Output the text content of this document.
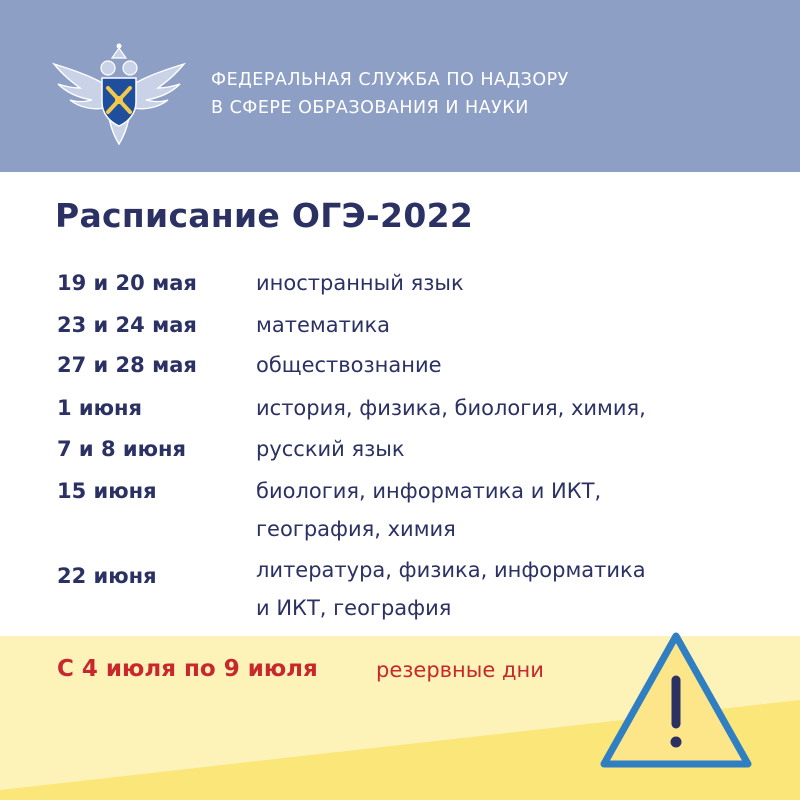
ФЕДЕРАЛЬНАЯ СЛУЖБА ПО НАДЗОРУ
В СФЕРЕ ОБРАЗОВАНИЯ И НАУКИ
Расписание ОГЭ-2022
19 и 20 мая	иностранный язык
23 и 24 мая	математика
27 и 28 мая	обществознание
1 июня	история, физика, биология, химия,
7 и 8 июня	русский язык
15 июня	биология, информатика и ИКТ,
география, химия
22 июня	литература, физика, информатика
и ИКТ, география
С 4 июля по 9 июля	резервные дни
